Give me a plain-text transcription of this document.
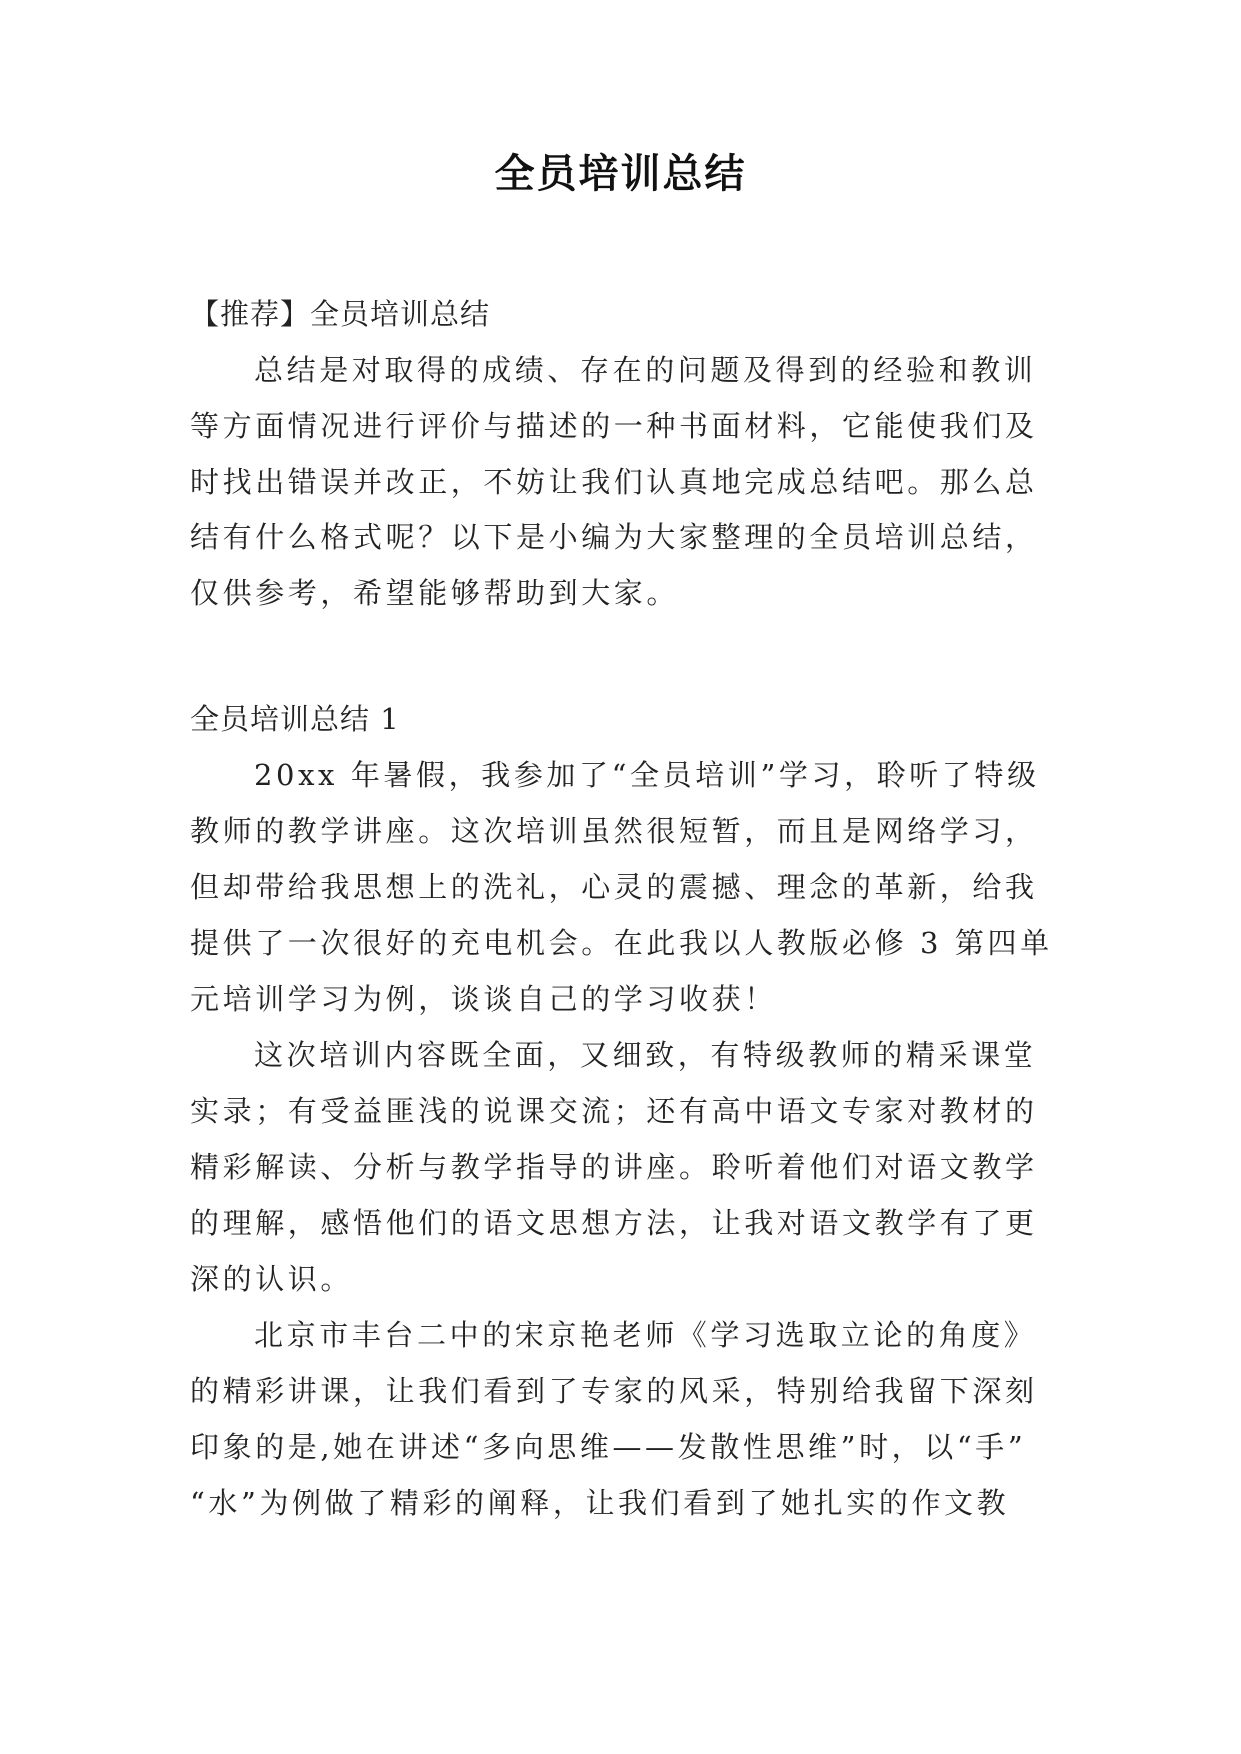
全员培训总结
【推荐】全员培训总结
总结是对取得的成绩、存在的问题及得到的经验和教训
等方面情况进行评价与描述的一种书面材料，它能使我们及
时找出错误并改正，不妨让我们认真地完成总结吧。那么总
结有什么格式呢？以下是小编为大家整理的全员培训总结，
仅供参考，希望能够帮助到大家。
全员培训总结 1
20xx 年暑假，我参加了“全员培训”学习，聆听了特级
教师的教学讲座。这次培训虽然很短暂，而且是网络学习，
但却带给我思想上的洗礼，心灵的震撼、理念的革新，给我
提供了一次很好的充电机会。在此我以人教版必修 3 第四单
元培训学习为例，谈谈自己的学习收获！
这次培训内容既全面，又细致，有特级教师的精采课堂
实录；有受益匪浅的说课交流；还有高中语文专家对教材的
精彩解读、分析与教学指导的讲座。聆听着他们对语文教学
的理解，感悟他们的语文思想方法，让我对语文教学有了更
深的认识。
北京市丰台二中的宋京艳老师《学习选取立论的角度》
的精彩讲课，让我们看到了专家的风采，特别给我留下深刻
印象的是,她在讲述“多向思维——发散性思维”时，以“手”
“水”为例做了精彩的阐释，让我们看到了她扎实的作文教
